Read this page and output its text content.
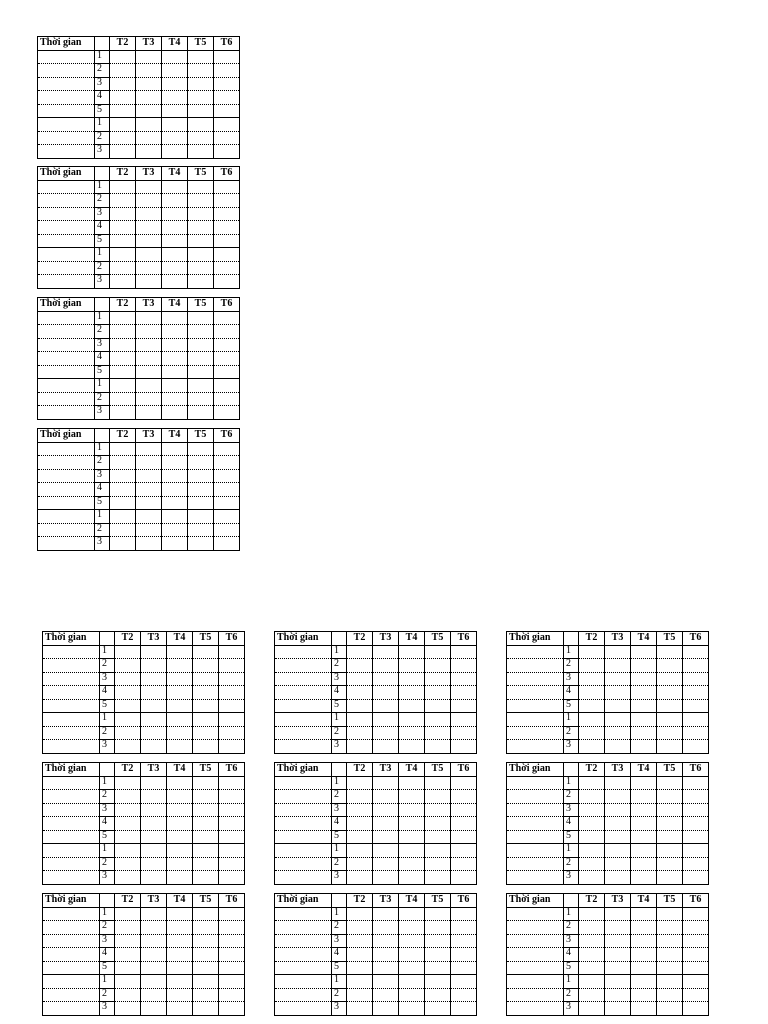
Thời gian		T2	T3	T4	T5	T6
	1					
	2					
	3					
	4					
	5					
	1					
	2					
	3					
Thời gian		T2	T3	T4	T5	T6
	1					
	2					
	3					
	4					
	5					
	1					
	2					
	3					
Thời gian		T2	T3	T4	T5	T6
	1					
	2					
	3					
	4					
	5					
	1					
	2					
	3					
Thời gian		T2	T3	T4	T5	T6
	1					
	2					
	3					
	4					
	5					
	1					
	2					
	3					
Thời gian		T2	T3	T4	T5	T6
	1					
	2					
	3					
	4					
	5					
	1					
	2					
	3					
Thời gian		T2	T3	T4	T5	T6
	1					
	2					
	3					
	4					
	5					
	1					
	2					
	3					
Thời gian		T2	T3	T4	T5	T6
	1					
	2					
	3					
	4					
	5					
	1					
	2					
	3					
Thời gian		T2	T3	T4	T5	T6
	1					
	2					
	3					
	4					
	5					
	1					
	2					
	3					
Thời gian		T2	T3	T4	T5	T6
	1					
	2					
	3					
	4					
	5					
	1					
	2					
	3					
Thời gian		T2	T3	T4	T5	T6
	1					
	2					
	3					
	4					
	5					
	1					
	2					
	3					
Thời gian		T2	T3	T4	T5	T6
	1					
	2					
	3					
	4					
	5					
	1					
	2					
	3					
Thời gian		T2	T3	T4	T5	T6
	1					
	2					
	3					
	4					
	5					
	1					
	2					
	3					
Thời gian		T2	T3	T4	T5	T6
	1					
	2					
	3					
	4					
	5					
	1					
	2					
	3					
